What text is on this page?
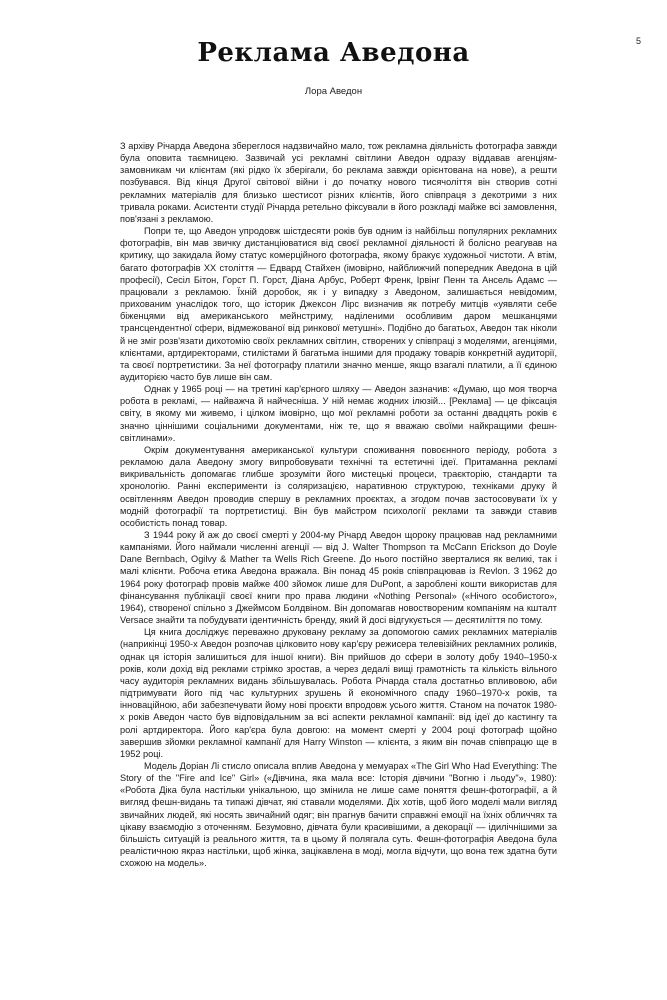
5
Реклама Аведона
Лора Аведон

З архіву Річарда Аведона збереглося надзвичайно мало, тож рекламна діяльність фотографа завжди була оповита таємницею. Зазвичай усі рекламні світлини Аведон одразу віддавав агенціям-замовникам чи клієнтам (які рідко їх зберігали, бо реклама завжди орієнтована на нове), а решти позбувався. Від кінця Другої світової війни і до початку нового тисячоліття він створив сотні рекламних матеріалів для близько шестисот різних клієнтів, його співпраця з декотрими з них тривала роками. Асистенти студії Річарда ретельно фіксували в його розкладі майже всі замовлення, пов'язані з рекламою.

Попри те, що Аведон упродовж шістдесяти років був одним із найбільш популярних рекламних фотографів, він мав звичку дистанціюватися від своєї рекламної діяльності й болісно реагував на критику, що закидала йому статус комерційного фотографа, якому бракує художньої чистоти. А втім, багато фотографів ХХ століття — Едвард Стайхен (імовірно, найближчий попередник Аведона в цій професії), Сесіл Бітон, Горст П. Горст, Діана Арбус, Роберт Френк, Ірвінг Пенн та Ансель Адамс — працювали з рекламою. Їхній доробок, як і у випадку з Аведоном, залишається невідомим, прихованим унаслідок того, що історик Джексон Лірс визначив як потребу митців «уявляти себе біженцями від американського мейнстриму, наділеними особливим даром мешканцями трансцендентної сфери, відмежованої від ринкової метушні». Подібно до багатьох, Аведон так ніколи й не зміг розв'язати дихотомію своїх рекламних світлин, створених у співпраці з моделями, агенціями, клієнтами, артдиректорами, стилістами й багатьма іншими для продажу товарів конкретній аудиторії, та своєї портретистики. За неї фотографу платили значно менше, якщо взагалі платили, а її єдиною аудиторією часто був лише він сам.

Однак у 1965 році — на третині кар'єрного шляху — Аведон зазначив: «Думаю, що моя творча робота в рекламі, — найважча й найчесніша. У ній немає жодних ілюзій... [Реклама] — це фіксація світу, в якому ми живемо, і цілком імовірно, що мої рекламні роботи за останні двадцять років є значно ціннішими соціальними документами, ніж те, що я вважаю своїми найкращими фешн-світлинами».

Окрім документування американської культури споживання повоєнного періоду, робота з рекламою дала Аведону змогу випробовувати технічні та естетичні ідеї. Притаманна рекламі викривальність допомагає глибше зрозуміти його мистецькі процеси, траєкторію, стандарти та хронологію. Ранні експерименти із соляризацією, наративною структурою, техніками друку й освітленням Аведон проводив спершу в рекламних проєктах, а згодом почав застосовувати їх у модній фотографії та портретистиці. Він був майстром психології реклами та завжди ставив особистість понад товар.

З 1944 року й аж до своєї смерті у 2004-му Річард Аведон щороку працював над рекламними кампаніями. Його наймали численні агенції — від J. Walter Thompson та McCann Erickson до Doyle Dane Bernbach, Ogilvy & Mather та Wells Rich Greene. До нього постійно зверталися як великі, так і малі клієнти. Робоча етика Аведона вражала. Він понад 45 років співпрацював із Revlon. З 1962 до 1964 року фотограф провів майже 400 зйомок лише для DuPont, а зароблені кошти використав для фінансування публікації своєї книги про права людини «Nothing Personal» («Нічого особистого», 1964), створеної спільно з Джеймсом Болдвіном. Він допомагав новоствореним компаніям на кшталт Versace знайти та побудувати ідентичність бренду, який й досі відгукується — десятиліття по тому.

Ця книга досліджує переважно друковану рекламу за допомогою самих рекламних матеріалів (наприкінці 1950-х Аведон розпочав цілковито нову кар'єру режисера телевізійних рекламних роликів, однак ця історія залишиться для іншої книги). Він прийшов до сфери в золоту добу 1940–1950-х років, коли дохід від реклами стрімко зростав, а через дедалі вищі грамотність та кількість вільного часу аудиторія рекламних видань збільшувалась. Робота Річарда стала достатньо впливовою, аби підтримувати його під час культурних зрушень й економічного спаду 1960–1970-х років, та інноваційною, аби забезпечувати йому нові проєкти впродовж усього життя. Станом на початок 1980-х років Аведон часто був відповідальним за всі аспекти рекламної кампанії: від ідеї до кастингу та ролі артдиректора. Його кар'єра була довгою: на момент смерті у 2004 році фотограф щойно завершив зйомки рекламної кампанії для Harry Winston — клієнта, з яким він почав співпрацю ще в 1952 році.

Модель Доріан Лі стисло описала вплив Аведона у мемуарах «The Girl Who Had Everything: The Story of the "Fire and Ice" Girl» («Дівчина, яка мала все: Історія дівчини "Вогню і льоду"», 1980): «Робота Діка була настільки унікальною, що змінила не лише саме поняття фешн-фотографії, а й вигляд фешн-видань та типажі дівчат, які ставали моделями. Діх хотів, щоб його моделі мали вигляд звичайних людей, які носять звичайний одяг; він прагнув бачити справжні емоції на їхніх обличчях та цікаву взаємодію з оточенням. Безумовно, дівчата були красивішими, а декорації — ідилічнішими за більшість ситуацій із реального життя, та в цьому й полягала суть. Фешн-фотографія Аведона була реалістичною якраз настільки, щоб жінка, зацікавлена в моді, могла відчути, що вона теж здатна бути схожою на модель».
